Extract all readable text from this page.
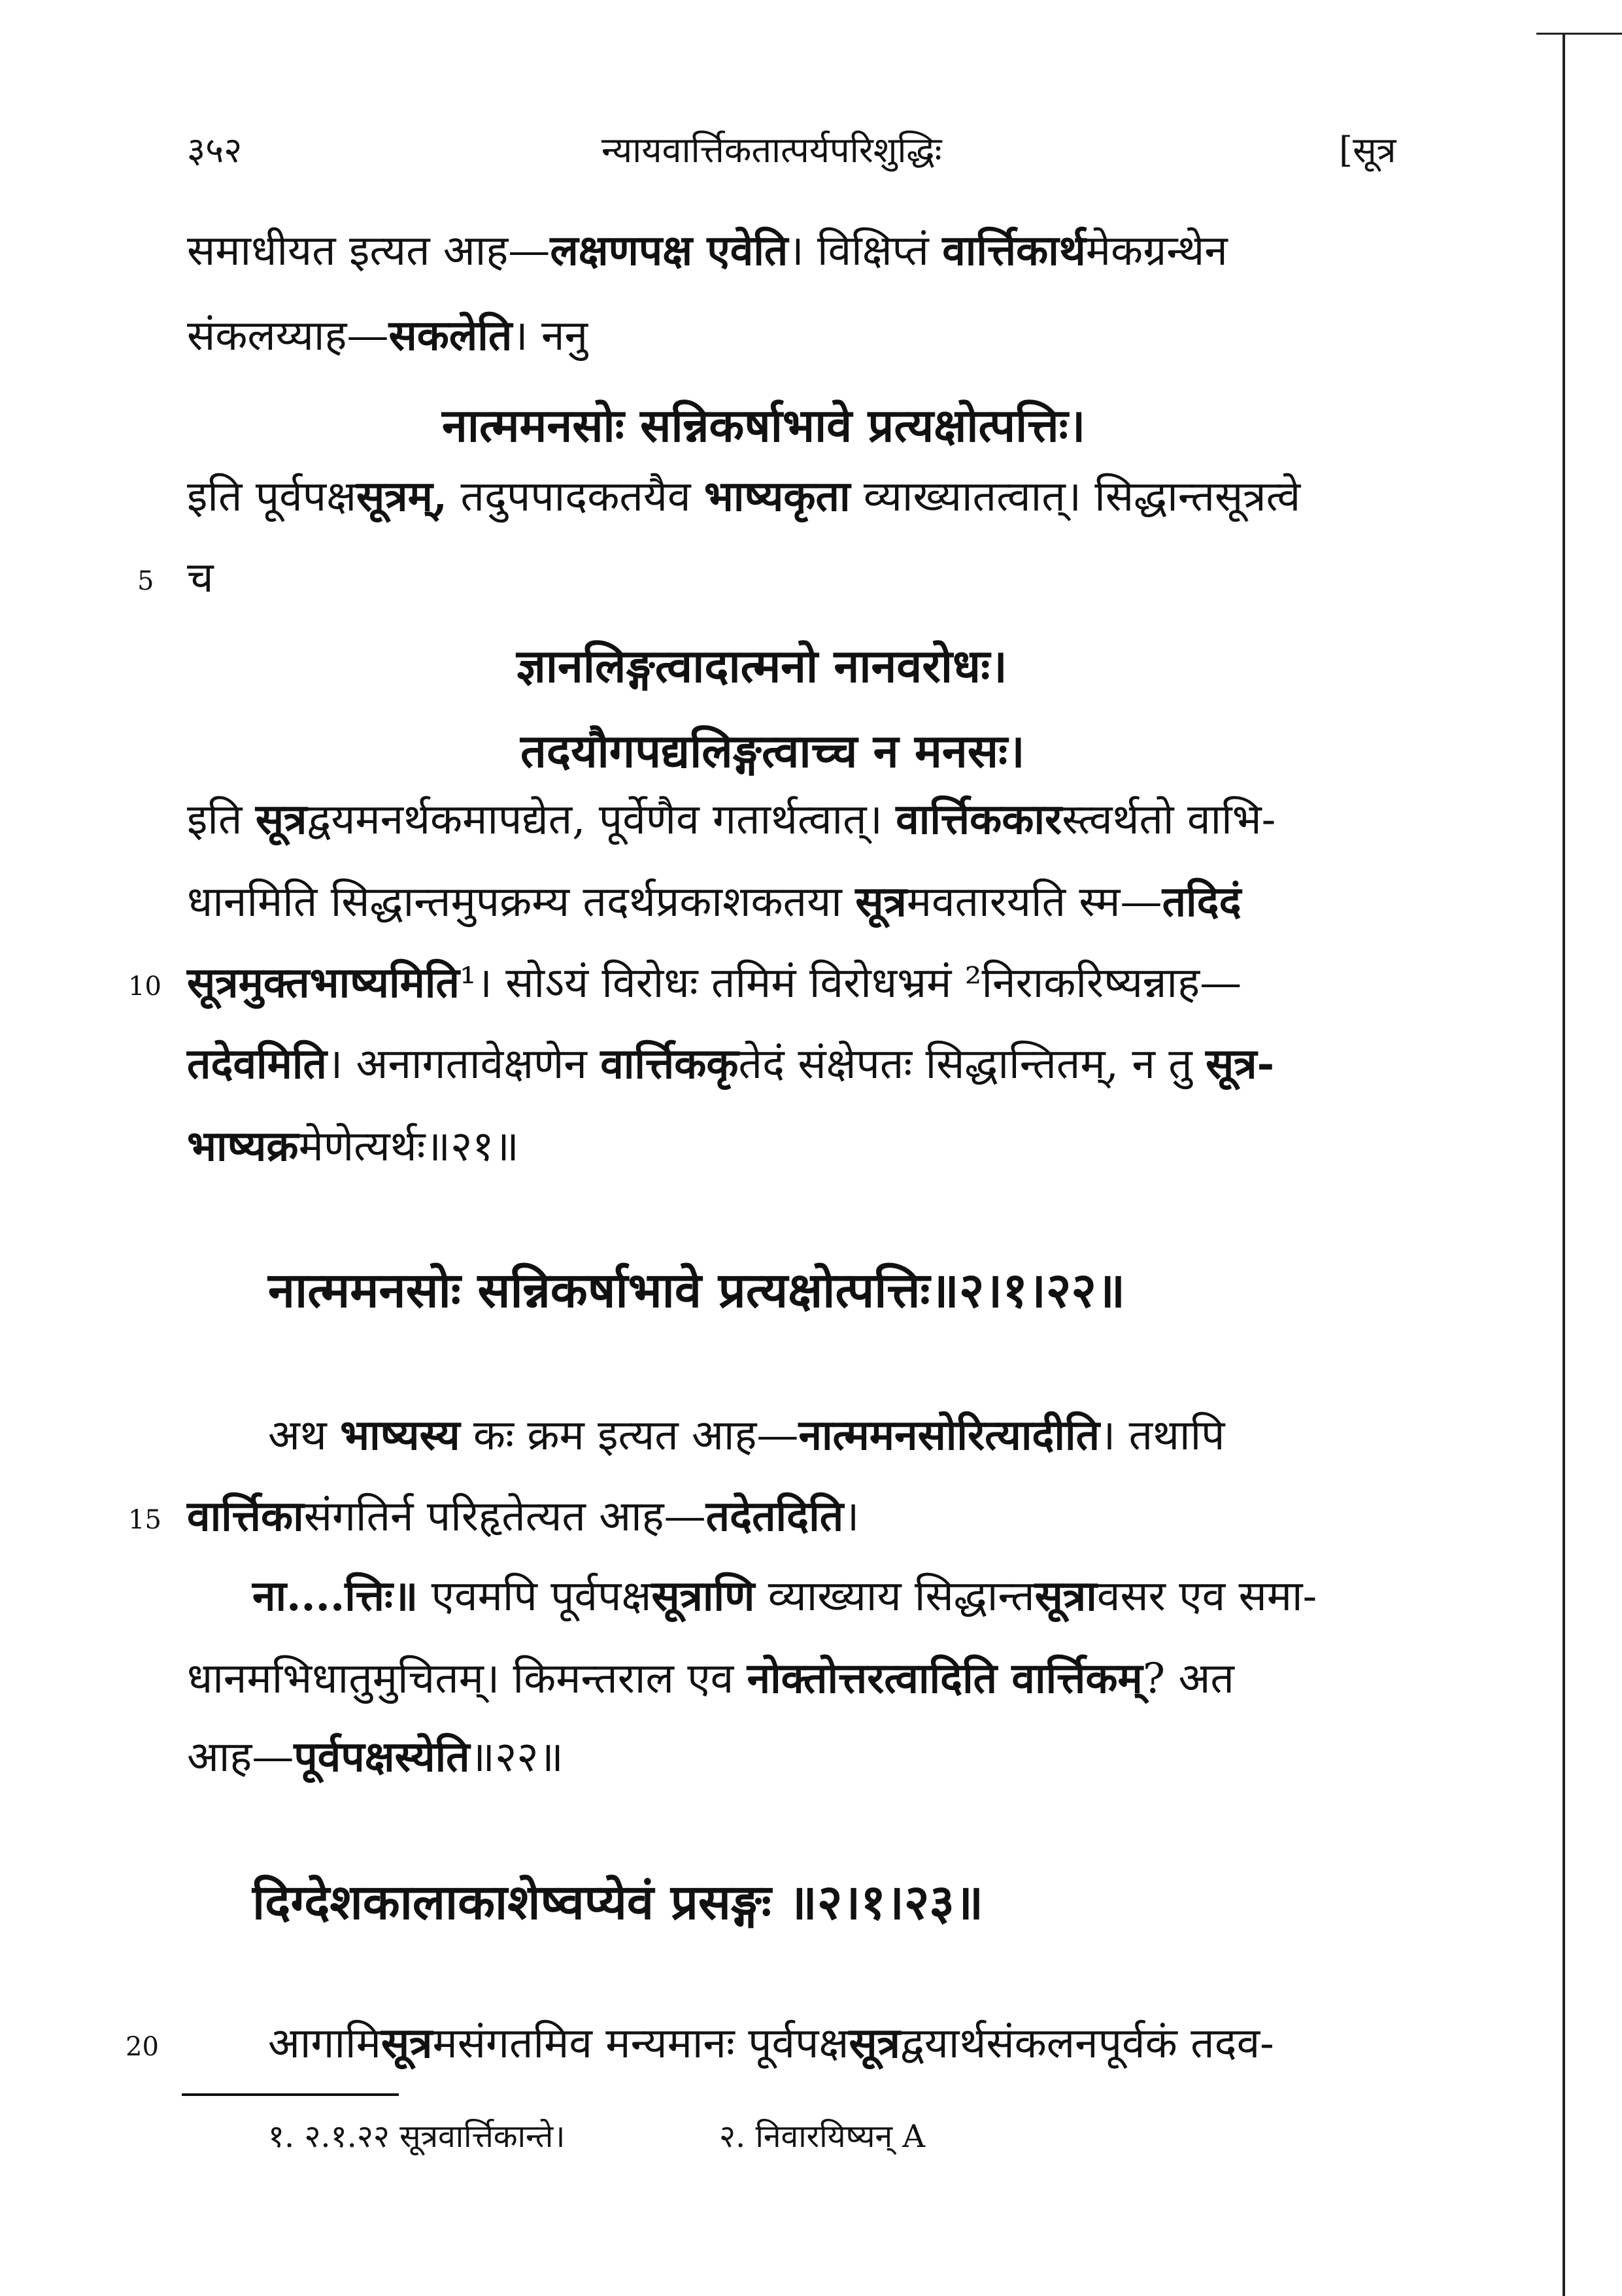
३५२	न्यायवार्त्तिकतात्पर्यपरिशुद्धिः	[सूत्र
समाधीयत इत्यत आह—लक्षणपक्ष एवेति। विक्षिप्तं वार्त्तिकार्थमेकग्रन्थेन
संकलय्याह—सकलेति। ननु
नात्ममनसोः सन्निकर्षाभावे प्रत्यक्षोत्पत्तिः।
इति पूर्वपक्षसूत्रम्, तदुपपादकतयैव भाष्यकृता व्याख्यातत्वात्। सिद्धान्तसूत्रत्वे
5 च
ज्ञानलिङ्गत्वादात्मनो नानवरोधः।
तदयौगपद्यलिङ्गत्वाच्च न मनसः।
इति सूत्रद्वयमनर्थकमापद्येत, पूर्वेणैव गतार्थत्वात्। वार्त्तिककारस्त्वर्थतो वाभि-
धानमिति सिद्धान्तमुपक्रम्य तदर्थप्रकाशकतया सूत्रमवतारयति स्म—तदिदं
10 सूत्रमुक्तभाष्यमिति¹। सोऽयं विरोधः तमिमं विरोधभ्रमं ²निराकरिष्यन्नाह—
तदेवमिति। अनागतावेक्षणेन वार्त्तिककृतेदं संक्षेपतः सिद्धान्तितम्, न तु सूत्र-
भाष्यक्रमेणेत्यर्थः॥२१॥
नात्ममनसोः सन्निकर्षाभावे प्रत्यक्षोत्पत्तिः॥२।१।२२॥
अथ भाष्यस्य कः क्रम इत्यत आह—नात्ममनसोरित्यादीति। तथापि
15 वार्त्तिकासंगतिर्न परिहृतेत्यत आह—तदेतदिति।
ना....त्तिः॥ एवमपि पूर्वपक्षसूत्राणि व्याख्याय सिद्धान्तसूत्रावसर एव समा-
धानमभिधातुमुचितम्। किमन्तराल एव नोक्तोत्तरत्वादिति वार्त्तिकम्? अत
आह—पूर्वपक्षस्येति॥२२॥
दिग्देशकालाकाशेष्वप्येवं प्रसङ्गः ॥२।१।२३॥
20	आगामिसूत्रमसंगतमिव मन्यमानः पूर्वपक्षसूत्रद्वयार्थसंकलनपूर्वकं तदव-
१. २.१.२२ सूत्रवार्त्तिकान्ते।	२. निवारयिष्यन् A
